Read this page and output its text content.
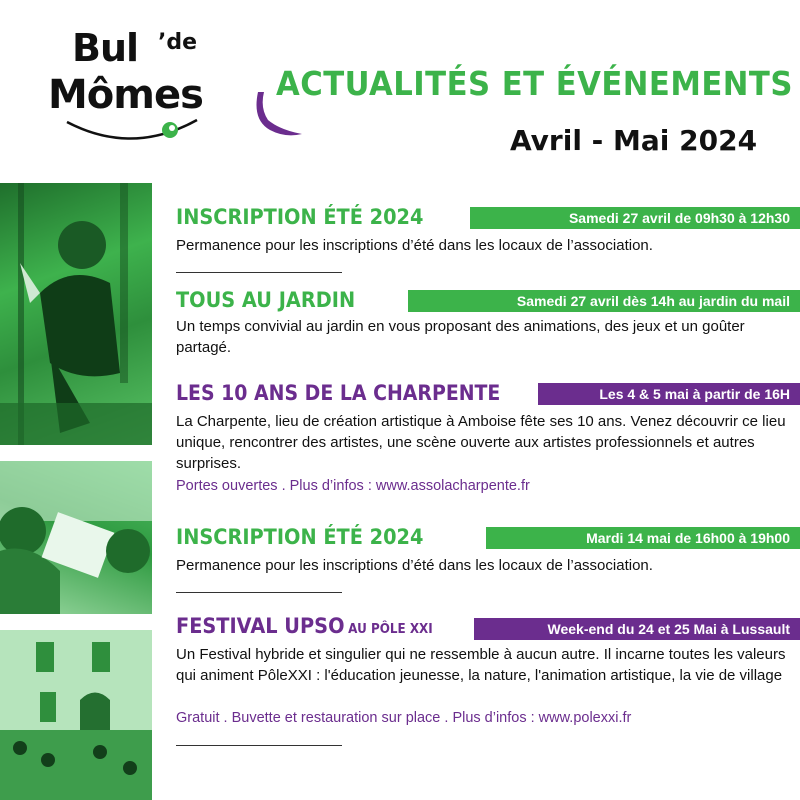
Bul ’de
Mômes ACTUALITÉS ET ÉVÉNEMENTS
Avril - Mai 2024
INSCRIPTION ÉTÉ 2024	Samedi 27 avril de 09h30 à 12h30
Permanence pour les inscriptions d’été dans les locaux de l’association.
TOUS AU JARDIN	Samedi 27 avril dès 14h au jardin du mail
Un temps convivial au jardin en vous proposant des animations, des jeux et un goûter partagé.
LES 10 ANS DE LA CHARPENTE	Les 4 & 5 mai à partir de 16H
La Charpente, lieu de création artistique à Amboise fête ses 10 ans. Venez découvrir ce lieu unique, rencontrer des artistes, une scène ouverte aux artistes professionnels et autres surprises.
Portes ouvertes . Plus d’infos : www.assolacharpente.fr
INSCRIPTION ÉTÉ 2024	Mardi 14 mai de 16h00 à 19h00
Permanence pour les inscriptions d’été dans les locaux de l’association.
FESTIVAL UPSO AU PÔLE XXI	Week-end du 24 et 25 Mai à Lussault
Un Festival hybride et singulier qui ne ressemble à aucun autre. Il incarne toutes les valeurs qui animent PôleXXI : l'éducation jeunesse, la nature, l'animation artistique, la vie de village
Gratuit . Buvette et restauration sur place . Plus d’infos : www.polexxi.fr
